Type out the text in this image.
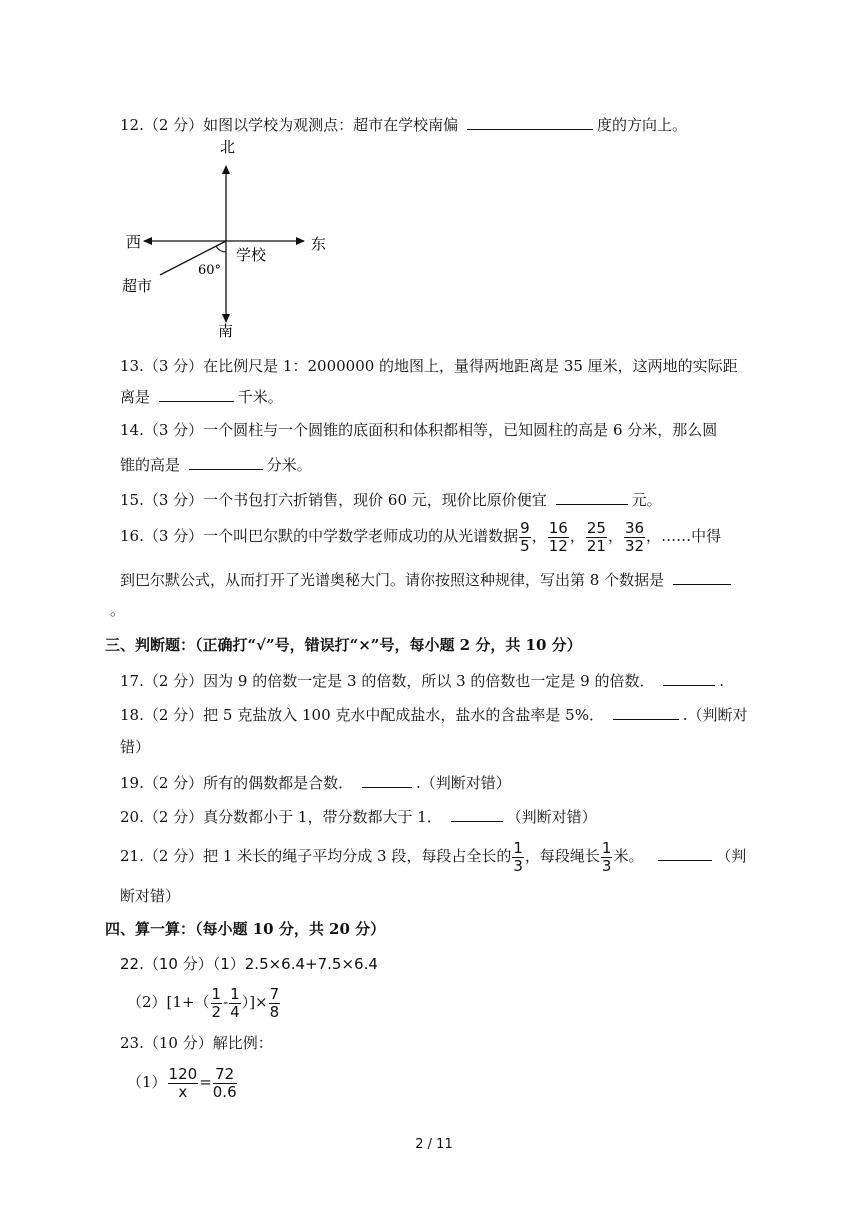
12.（2 分）如图以学校为观测点：超市在学校南偏	度的方向上。
北
南
西	东
学校
超市
60°
13.（3 分）在比例尺是 1：2000000 的地图上，量得两地距离是 35 厘米，这两地的实际距
离是	千米。
14.（3 分）一个圆柱与一个圆锥的底面积和体积都相等，已知圆柱的高是 6 分米，那么圆
锥的高是	分米。
15.（3 分）一个书包打六折销售，现价 60 元，现价比原价便宜	元。
16.（3 分）一个叫巴尔默的中学数学老师成功的从光谱数据 $\frac{9}{5}$ ， $\frac{16}{12}$ ， $\frac{25}{21}$ ， $\frac{36}{32}$ ，……中得
到巴尔默公式，从而打开了光谱奥秘大门。请你按照这种规律，写出第 8 个数据是
。
三、判断题：（正确打“√”号，错误打“×”号，每小题 2 分，共 10 分）
17.（2 分）因为 9 的倍数一定是 3 的倍数，所以 3 的倍数也一定是 9 的倍数．	.
18.（2 分）把 5 克盐放入 100 克水中配成盐水，盐水的含盐率是 5%．	.（判断对
错）
19.（2 分）所有的偶数都是合数．	.（判断对错）
20.（2 分）真分数都小于 1，带分数都大于 1．	（判断对错）
21.（2 分）把 1 米长的绳子平均分成 3 段，每段占全长的 $\frac{1}{3}$ ，每段绳长 $\frac{1}{3}$ 米。	（判
断对错）
四、算一算：（每小题 10 分，共 20 分）
22.（10 分）（1）2.5×6.4+7.5×6.4
$(2)[1+( \frac{1}{2} - \frac{1}{4}$ ）]× $\frac{7}{8}$
23.（10 分）解比例：
$(1) \frac{120}{x} = \frac{72}{0.6}$
2 / 11
